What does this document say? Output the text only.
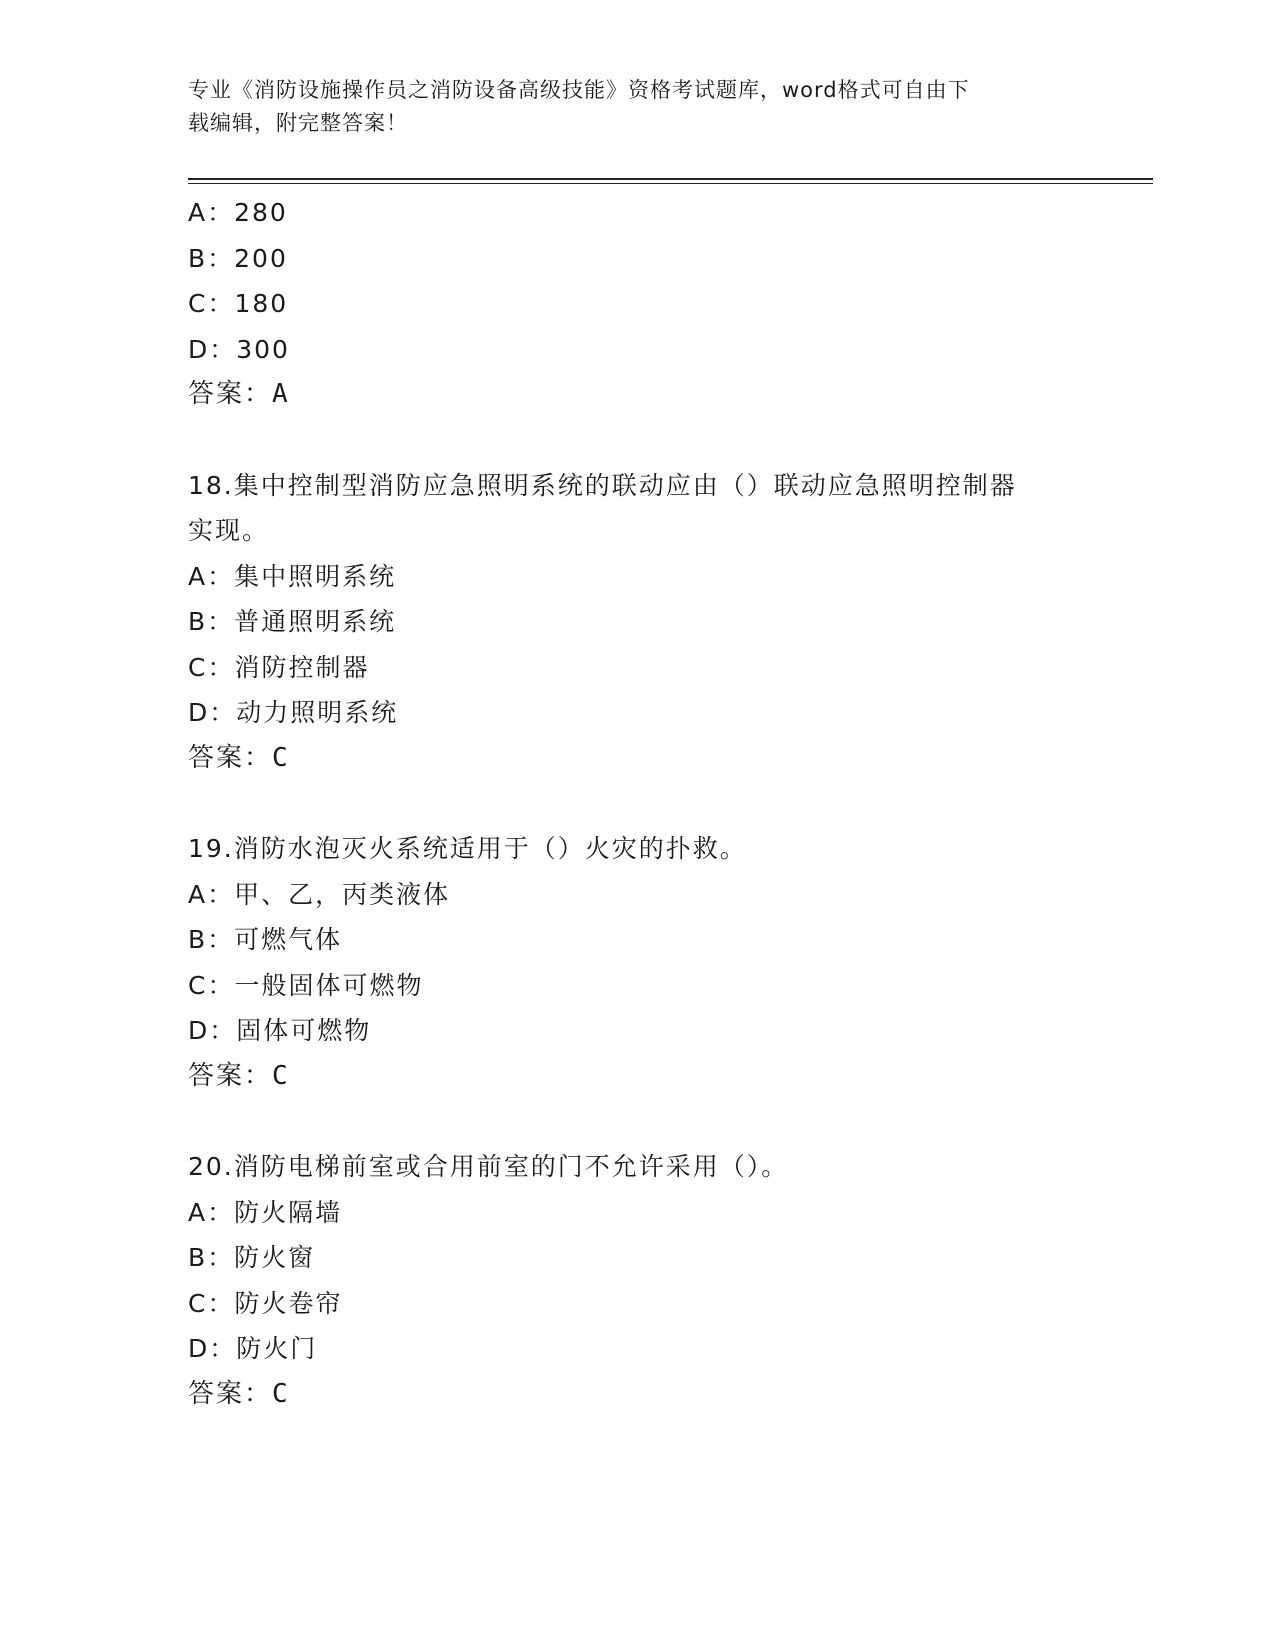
专业《消防设施操作员之消防设备高级技能》资格考试题库，word格式可自由下
载编辑，附完整答案！
A：280
B：200
C：180
D：300
答案：A
18.集中控制型消防应急照明系统的联动应由（）联动应急照明控制器
实现。
A：集中照明系统
B：普通照明系统
C：消防控制器
D：动力照明系统
答案：C
19.消防水泡灭火系统适用于（）火灾的扑救。
A：甲、乙，丙类液体
B：可燃气体
C：一般固体可燃物
D：固体可燃物
答案：C
20.消防电梯前室或合用前室的门不允许采用（）。
A：防火隔墙
B：防火窗
C：防火卷帘
D：防火门
答案：C
